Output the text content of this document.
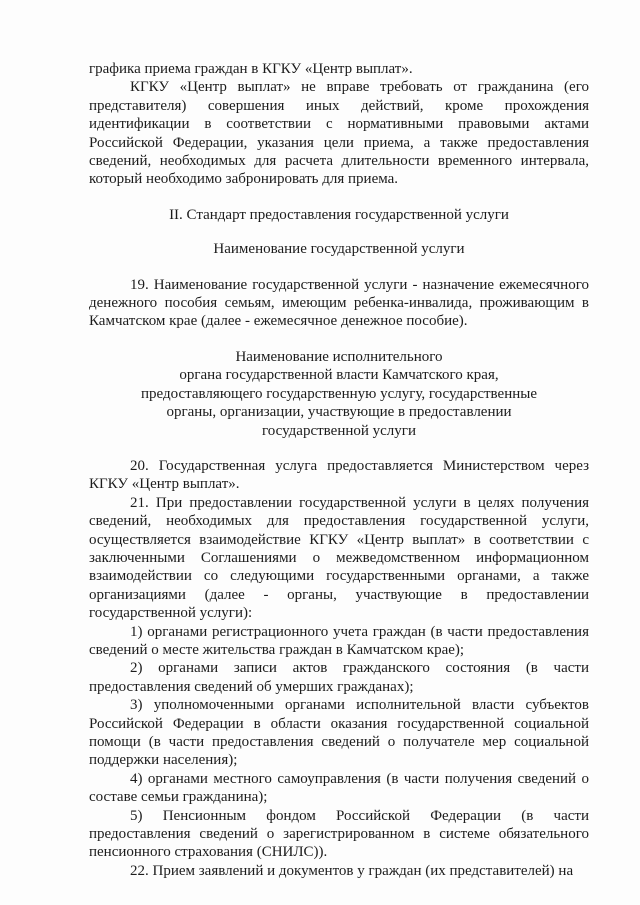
графика приема граждан в КГКУ «Центр выплат».

КГКУ «Центр выплат» не вправе требовать от гражданина (его представителя) совершения иных действий, кроме прохождения идентификации в соответствии с нормативными правовыми актами Российской Федерации, указания цели приема, а также предоставления сведений, необходимых для расчета длительности временного интервала, который необходимо забронировать для приема.

II. Стандарт предоставления государственной услуги

Наименование государственной услуги

19. Наименование государственной услуги - назначение ежемесячного денежного пособия семьям, имеющим ребенка-инвалида, проживающим в Камчатском крае (далее - ежемесячное денежное пособие).

Наименование исполнительного

органа государственной власти Камчатского края,

предоставляющего государственную услугу, государственные

органы, организации, участвующие в предоставлении

государственной услуги

20. Государственная услуга предоставляется Министерством через КГКУ «Центр выплат».

21. При предоставлении государственной услуги в целях получения сведений, необходимых для предоставления государственной услуги, осуществляется взаимодействие КГКУ «Центр выплат» в соответствии с заключенными Соглашениями о межведомственном информационном взаимодействии со следующими государственными органами, а также организациями (далее - органы, участвующие в предоставлении государственной услуги):

1) органами регистрационного учета граждан (в части предоставления сведений о месте жительства граждан в Камчатском крае);

2) органами записи актов гражданского состояния (в части предоставления сведений об умерших гражданах);

3) уполномоченными органами исполнительной власти субъектов Российской Федерации в области оказания государственной социальной помощи (в части предоставления сведений о получателе мер социальной поддержки населения);

4) органами местного самоуправления (в части получения сведений о составе семьи гражданина);

5) Пенсионным фондом Российской Федерации (в части предоставления сведений о зарегистрированном в системе обязательного пенсионного страхования (СНИЛС)).

22. Прием заявлений и документов у граждан (их представителей) на
